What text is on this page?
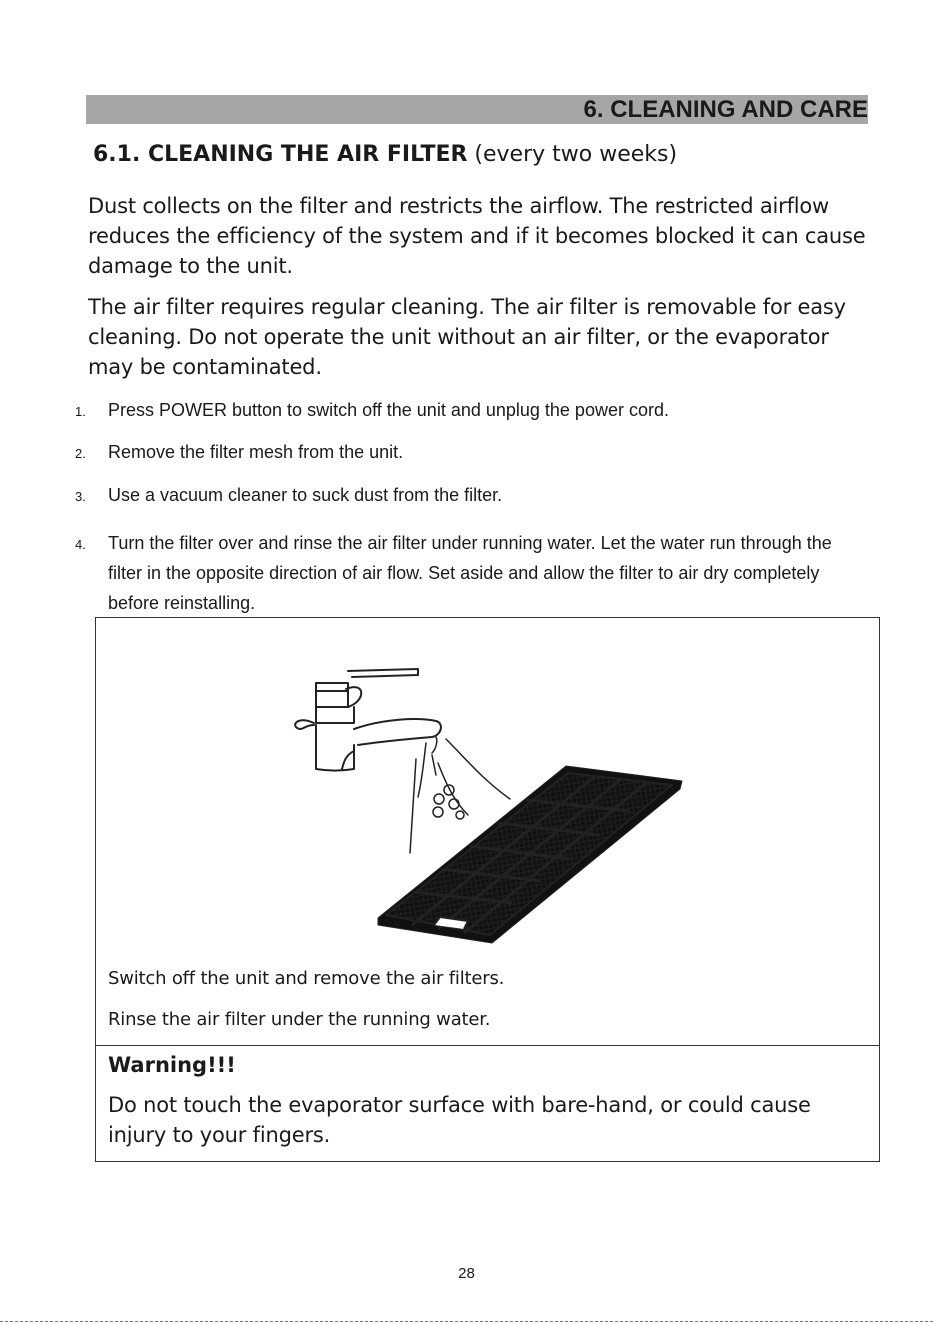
6. CLEANING AND CARE
6.1. CLEANING THE AIR FILTER (every two weeks)

Dust collects on the filter and restricts the airflow. The restricted airflow reduces the efficiency of the system and if it becomes blocked it can cause damage to the unit.

The air filter requires regular cleaning. The air filter is removable for easy cleaning. Do not operate the unit without an air filter, or the evaporator may be contaminated.

1. Press POWER button to switch off the unit and unplug the power cord.
2. Remove the filter mesh from the unit.
3. Use a vacuum cleaner to suck dust from the filter.
4. Turn the filter over and rinse the air filter under running water. Let the water run through the filter in the opposite direction of air flow. Set aside and allow the filter to air dry completely before reinstalling.
Switch off the unit and remove the air filters.
Rinse the air filter under the running water.
Warning!!!
Do not touch the evaporator surface with bare-hand, or could cause injury to your fingers.
28
